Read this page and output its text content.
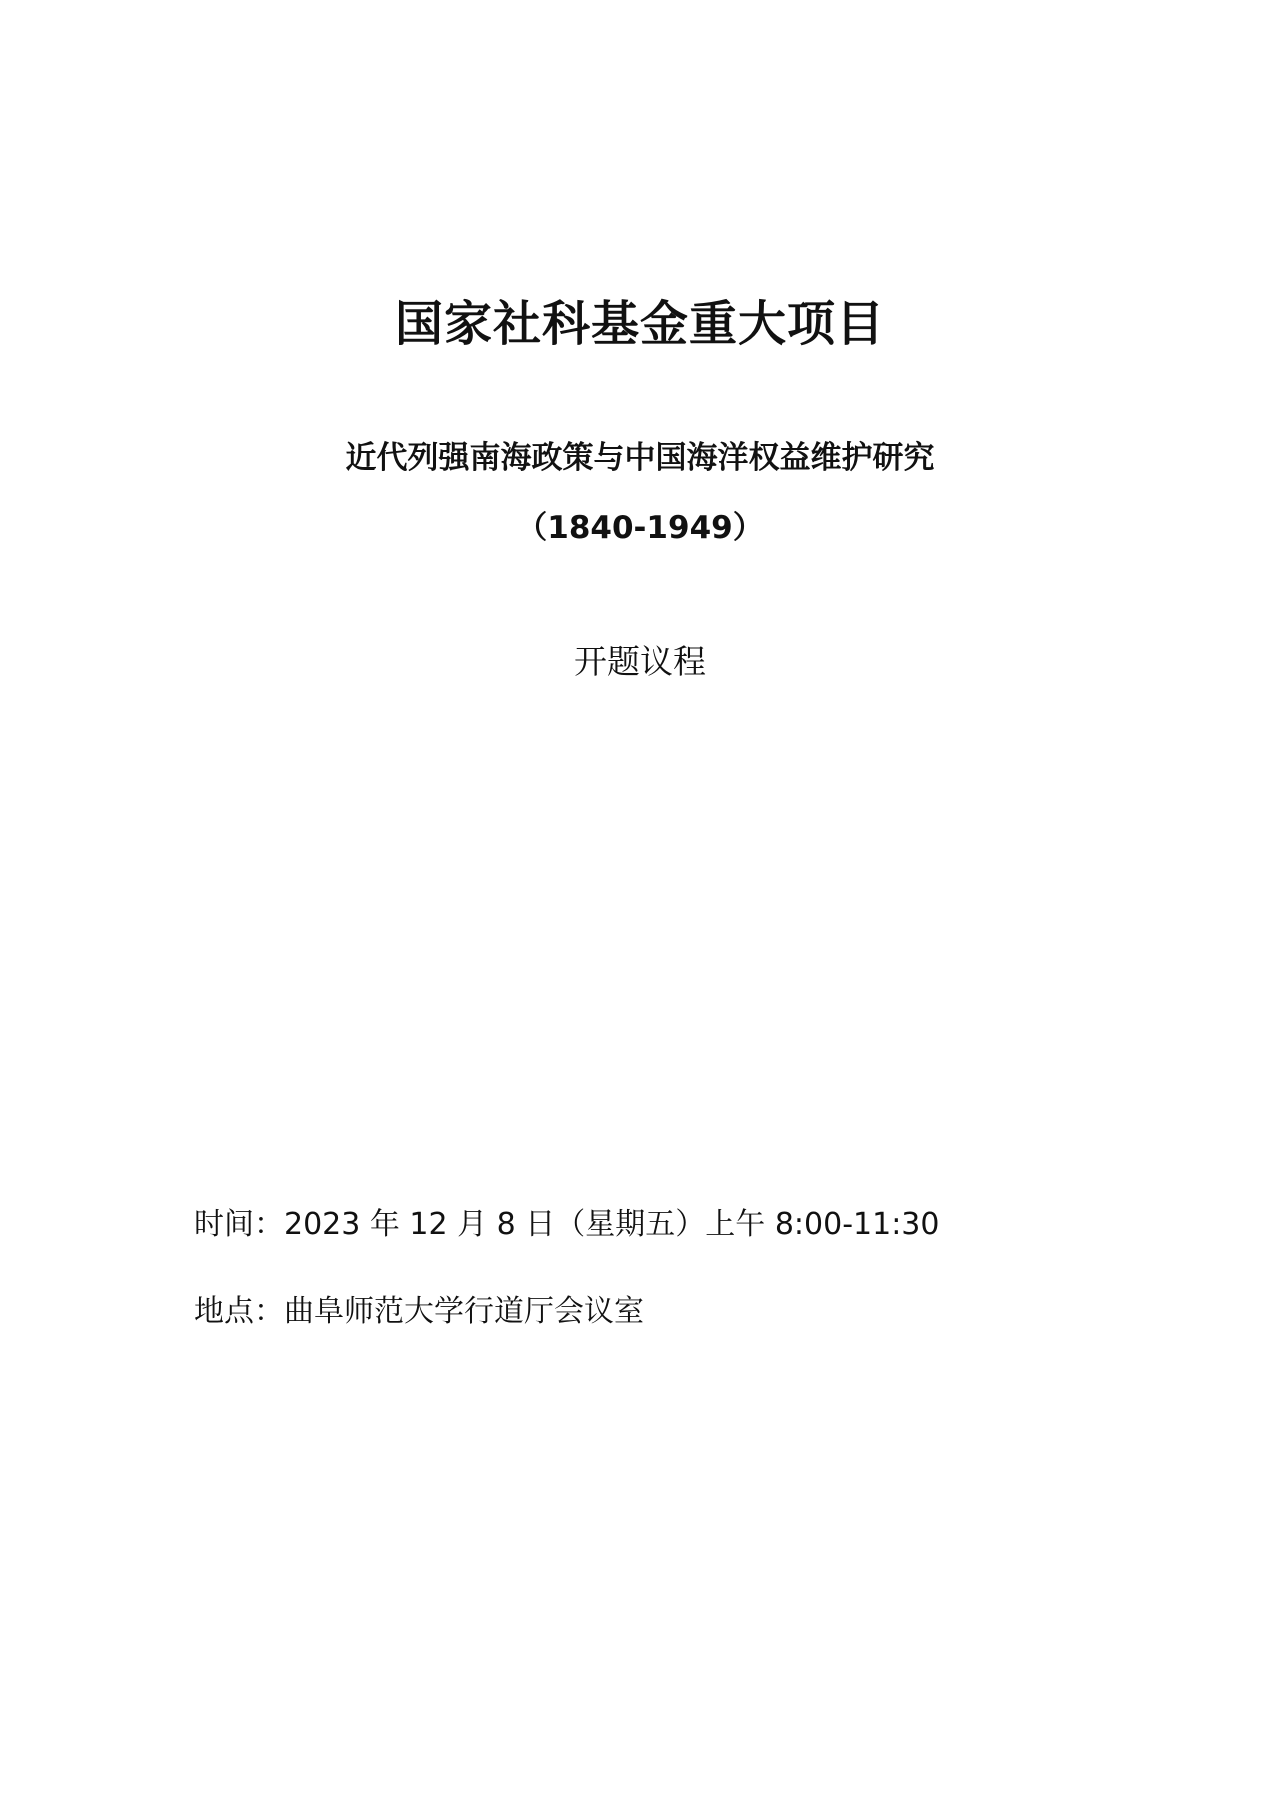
国家社科基金重大项目
近代列强南海政策与中国海洋权益维护研究
（1840-1949）
开题议程
时间：2023 年 12 月 8 日（星期五）上午 8:00-11:30
地点：曲阜师范大学行道厅会议室
